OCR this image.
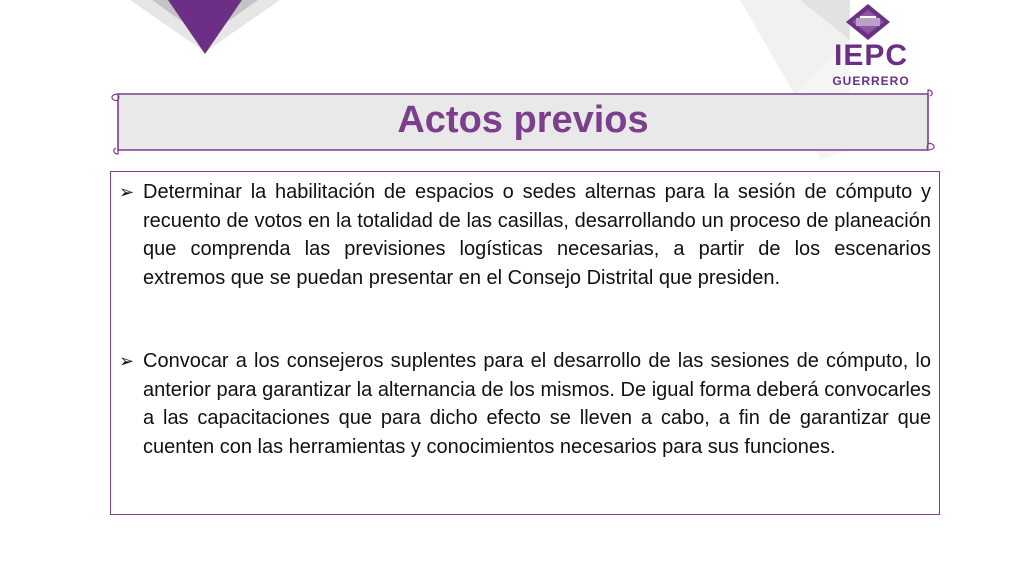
IEPC
GUERRERO
Actos previos
➢ Determinar la habilitación de espacios o sedes alternas para la sesión de cómputo y recuento de votos en la totalidad de las casillas, desarrollando un proceso de planeación que comprenda las previsiones logísticas necesarias, a partir de los escenarios extremos que se puedan presentar en el Consejo Distrital que presiden.
➢ Convocar a los consejeros suplentes para el desarrollo de las sesiones de cómputo, lo anterior para garantizar la alternancia de los mismos. De igual forma deberá convocarles a las capacitaciones que para dicho efecto se lleven a cabo, a fin de garantizar que cuenten con las herramientas y conocimientos necesarios para sus funciones.
